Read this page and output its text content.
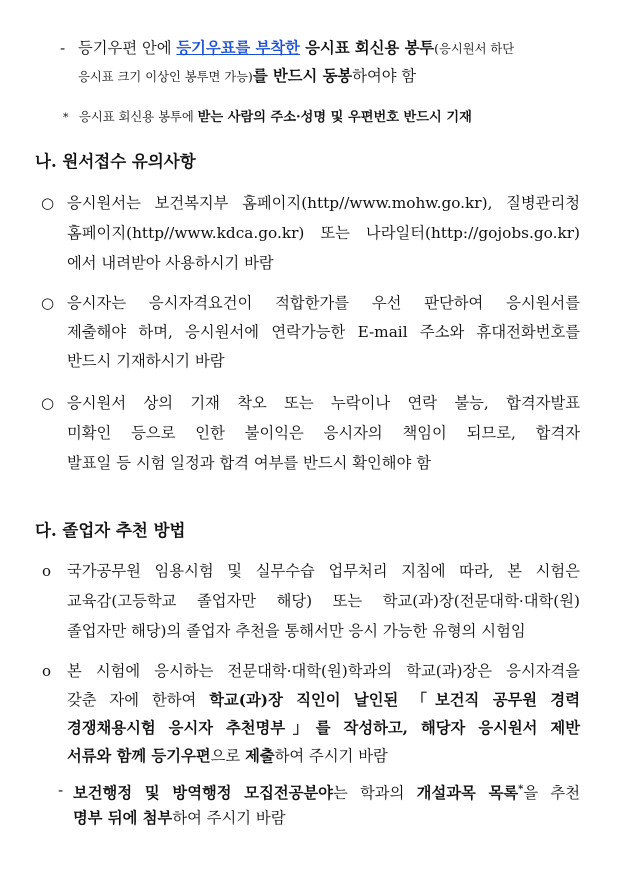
- 등기우편 안에 등기우표를 부착한 응시표 회신용 봉투(응시원서 하단
응시표 크기 이상인 봉투면 가능)를 반드시 동봉하여야 함
* 응시표 회신용 봉투에 받는 사람의 주소·성명 및 우편번호 반드시 기재
나. 원서접수 유의사항
○ 응시원서는 보건복지부 홈페이지(http//www.mohw.go.kr), 질병관리청
홈페이지(http//www.kdca.go.kr) 또는 나라일터(http://gojobs.go.kr)
에서 내려받아 사용하시기 바람
○ 응시자는 응시자격요건이 적합한가를 우선 판단하여 응시원서를
제출해야 하며, 응시원서에 연락가능한 E-mail 주소와 휴대전화번호를
반드시 기재하시기 바람
○ 응시원서 상의 기재 착오 또는 누락이나 연락 불능, 합격자발표
미확인 등으로 인한 불이익은 응시자의 책임이 되므로, 합격자
발표일 등 시험 일정과 합격 여부를 반드시 확인해야 함
다. 졸업자 추천 방법
o 국가공무원 임용시험 및 실무수습 업무처리 지침에 따라, 본 시험은
교육감(고등학교 졸업자만 해당) 또는 학교(과)장(전문대학·대학(원)
졸업자만 해당)의 졸업자 추천을 통해서만 응시 가능한 유형의 시험임
o 본 시험에 응시하는 전문대학·대학(원)학과의 학교(과)장은 응시자격을
갖춘 자에 한하여 학교(과)장 직인이 날인된 「보건직 공무원 경력
경쟁채용시험 응시자 추천명부」를 작성하고, 해당자 응시원서 제반
서류와 함께 등기우편으로 제출하여 주시기 바람
- 보건행정 및 방역행정 모집전공분야는 학과의 개설과목 목록*을 추천
명부 뒤에 첨부하여 주시기 바람
